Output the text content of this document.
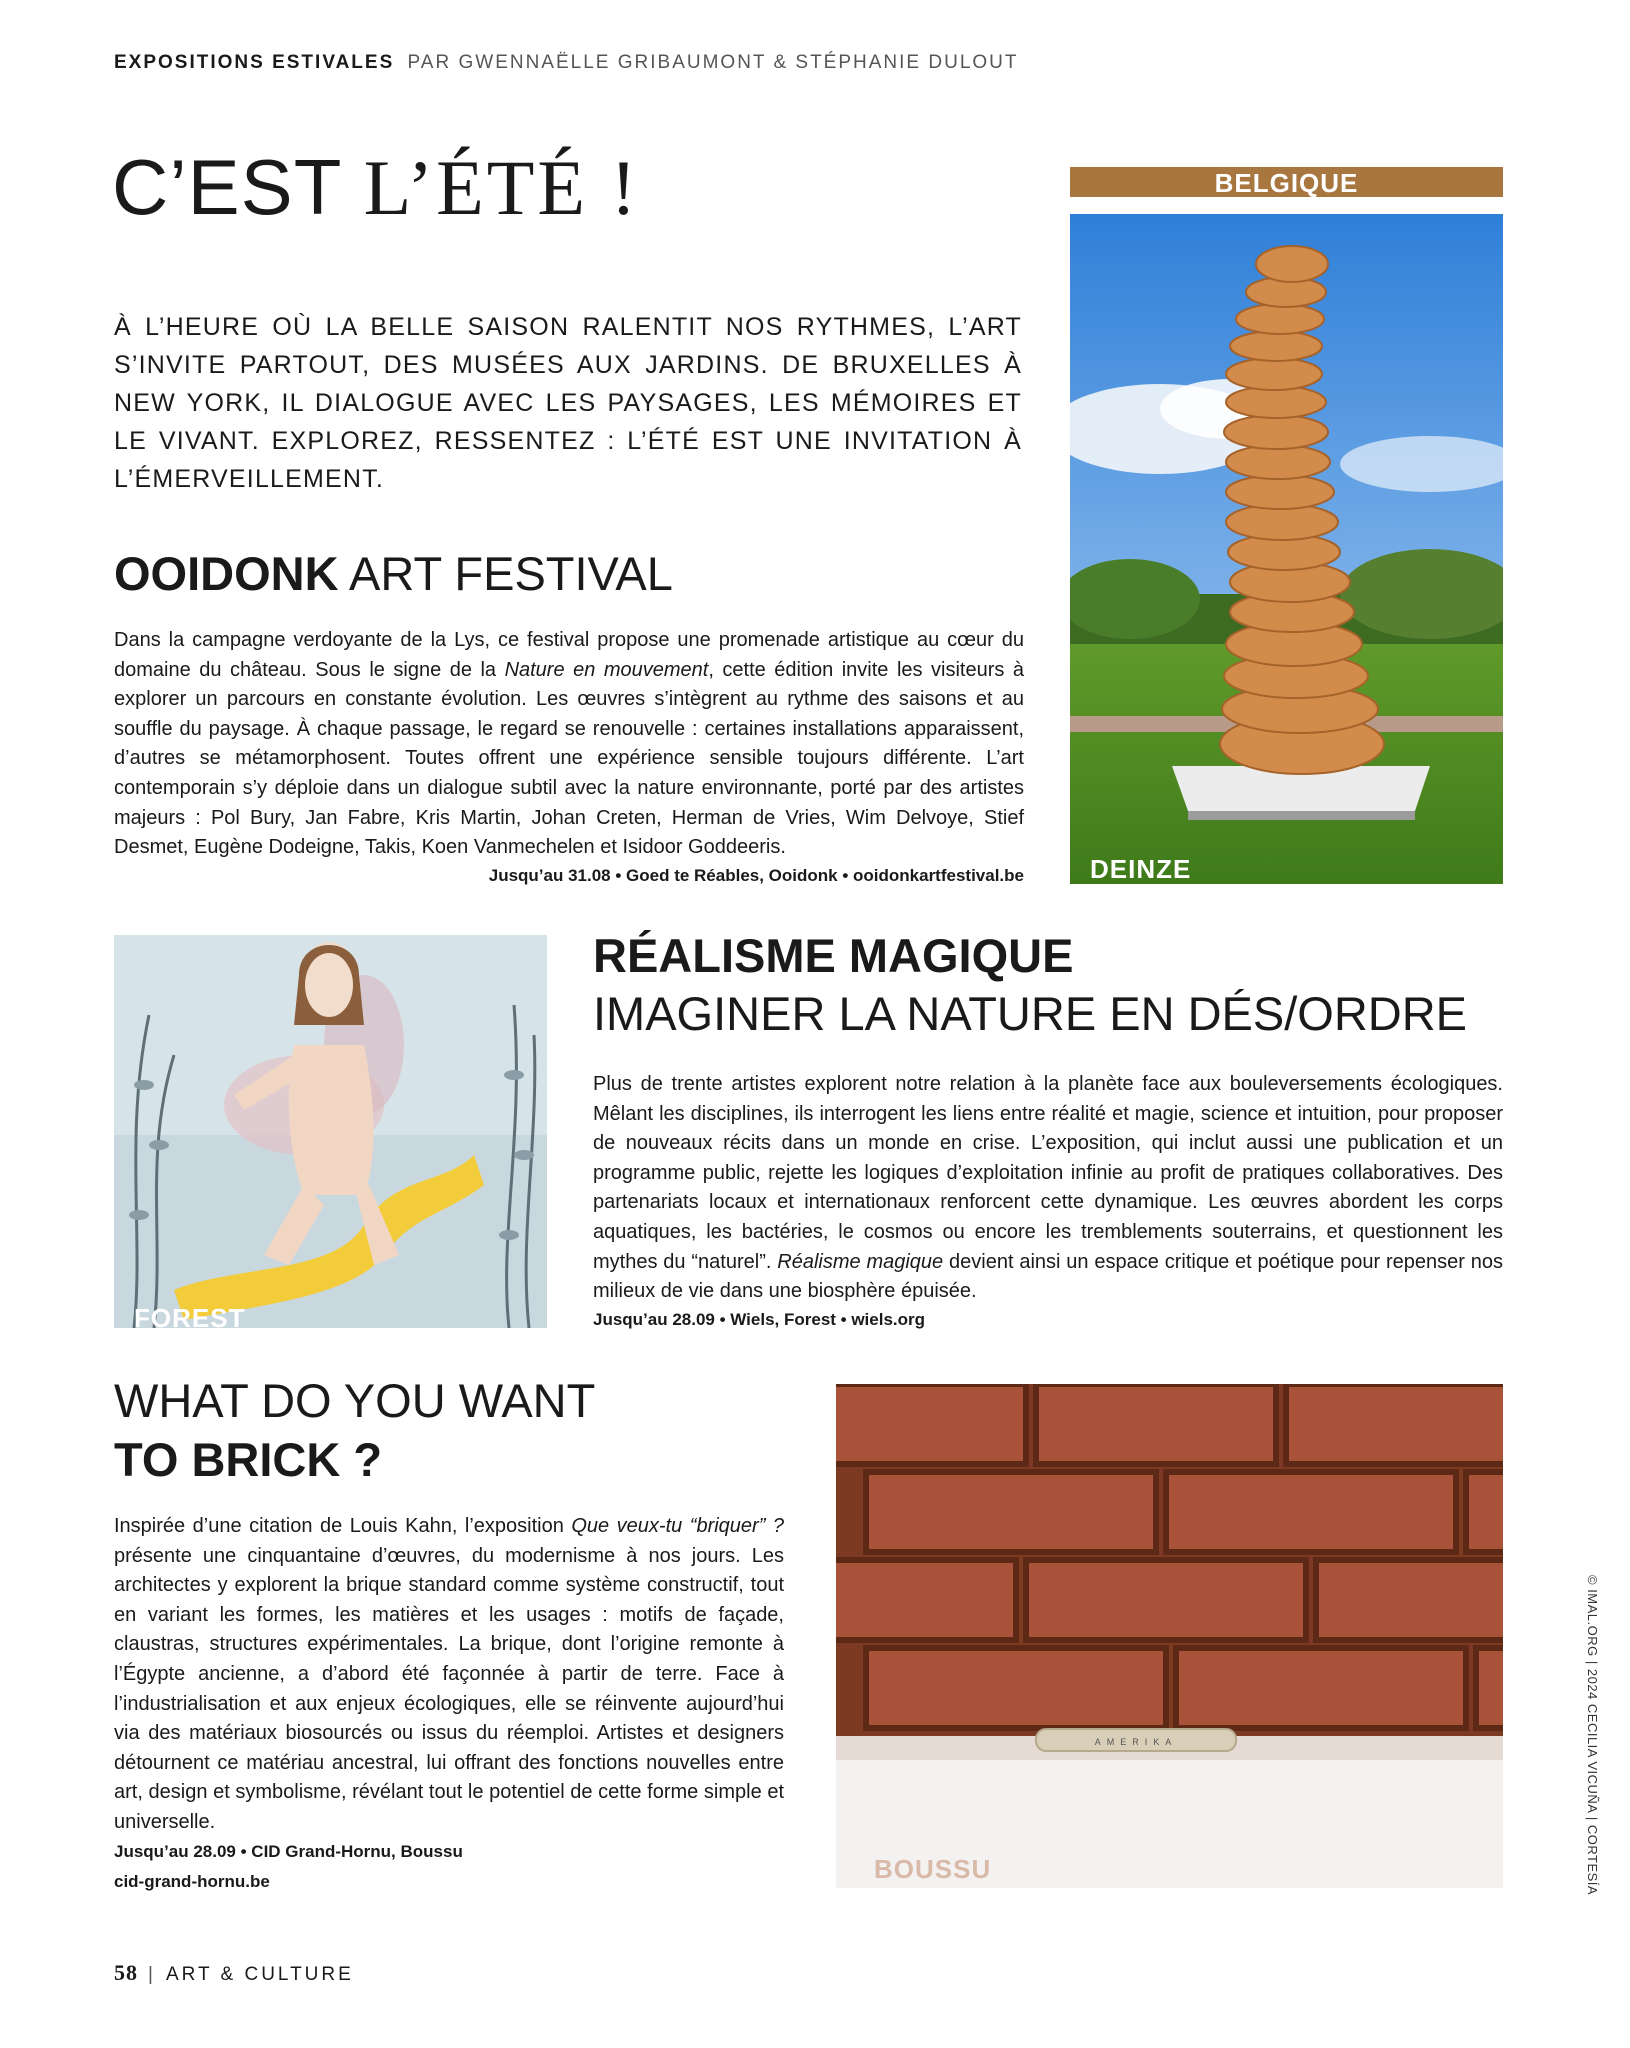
EXPOSITIONS ESTIVALES PAR GWENNAËLLE GRIBAUMONT & STÉPHANIE DULOUT
C’EST L’ÉTÉ !
À L’HEURE OÙ LA BELLE SAISON RALENTIT NOS RYTHMES, L’ART S’INVITE PARTOUT, DES MUSÉES AUX JARDINS. DE BRUXELLES À NEW YORK, IL DIALOGUE AVEC LES PAYSAGES, LES MÉMOIRES ET LE VIVANT. EXPLOREZ, RESSENTEZ : L’ÉTÉ EST UNE INVITATION À L’ÉMERVEILLEMENT.
BELGIQUE
DEINZE
OOIDONK ART FESTIVAL
Dans la campagne verdoyante de la Lys, ce festival propose une promenade artistique au cœur du domaine du château. Sous le signe de la Nature en mouvement, cette édition invite les visiteurs à explorer un parcours en constante évolution. Les œuvres s’intègrent au rythme des saisons et au souffle du paysage. À chaque passage, le regard se renouvelle : certaines installations apparaissent, d’autres se métamorphosent. Toutes offrent une expérience sensible toujours différente. L’art contemporain s’y déploie dans un dialogue subtil avec la nature environnante, porté par des artistes majeurs : Pol Bury, Jan Fabre, Kris Martin, Johan Creten, Herman de Vries, Wim Delvoye, Stief Desmet, Eugène Dodeigne, Takis, Koen Vanmechelen et Isidoor Goddeeris.
Jusqu’au 31.08 • Goed te Réables, Ooidonk • ooidonkartfestival.be
FOREST
RÉALISME MAGIQUE
IMAGINER LA NATURE EN DÉS/ORDRE
Plus de trente artistes explorent notre relation à la planète face aux bouleversements écologiques. Mêlant les disciplines, ils interrogent les liens entre réalité et magie, science et intuition, pour proposer de nouveaux récits dans un monde en crise. L’exposition, qui inclut aussi une publication et un programme public, rejette les logiques d’exploitation infinie au profit de pratiques collaboratives. Des partenariats locaux et internationaux renforcent cette dynamique. Les œuvres abordent les corps aquatiques, les bactéries, le cosmos ou encore les tremblements souterrains, et questionnent les mythes du “naturel”. Réalisme magique devient ainsi un espace critique et poétique pour repenser nos milieux de vie dans une biosphère épuisée.
Jusqu’au 28.09 • Wiels, Forest • wiels.org
WHAT DO YOU WANT
TO BRICK ?
Inspirée d’une citation de Louis Kahn, l’exposition Que veux-tu “briquer” ? présente une cinquantaine d’œuvres, du modernisme à nos jours. Les architectes y explorent la brique standard comme système constructif, tout en variant les formes, les matières et les usages : motifs de façade, claustras, structures expérimentales. La brique, dont l’origine remonte à l’Égypte ancienne, a d’abord été façonnée à partir de terre. Face à l’industrialisation et aux enjeux écologiques, elle se réinvente aujourd’hui via des matériaux biosourcés ou issus du réemploi. Artistes et designers détournent ce matériau ancestral, lui offrant des fonctions nouvelles entre art, design et symbolisme, révélant tout le potentiel de cette forme simple et universelle.
Jusqu’au 28.09 • CID Grand-Hornu, Boussu
cid-grand-hornu.be
AMERIKA
BOUSSU	© IMAL.ORG | 2024 CECILIA VICUÑA | CORTESÍA
58 | ART & CULTURE
